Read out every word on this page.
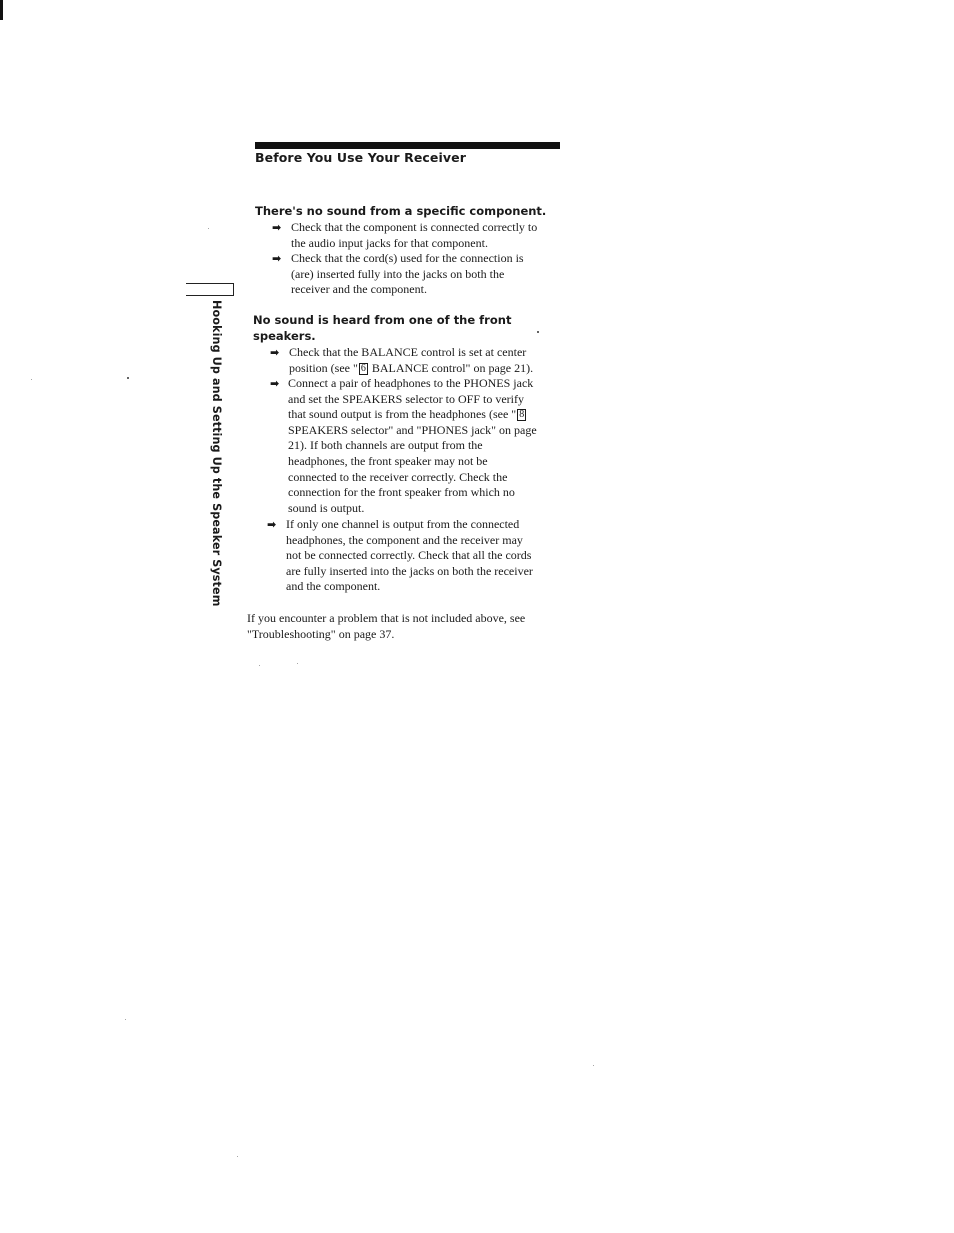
Before You Use Your Receiver
Hooking Up and Setting Up the Speaker System
There's no sound from a specific component.
➡ Check that the component is connected correctly to
the audio input jacks for that component.
➡ Check that the cord(s) used for the connection is
(are) inserted fully into the jacks on both the
receiver and the component.
No sound is heard from one of the front
speakers.
➡ Check that the BALANCE control is set at center
position (see " 6 BALANCE control" on page 21).
➡ Connect a pair of headphones to the PHONES jack
and set the SPEAKERS selector to OFF to verify
that sound output is from the headphones (see " 8
SPEAKERS selector" and "PHONES jack" on page
21). If both channels are output from the
headphones, the front speaker may not be
connected to the receiver correctly. Check the
connection for the front speaker from which no
sound is output.
➡ If only one channel is output from the connected
headphones, the component and the receiver may
not be connected correctly. Check that all the cords
are fully inserted into the jacks on both the receiver
and the component.
If you encounter a problem that is not included above, see
"Troubleshooting" on page 37.
